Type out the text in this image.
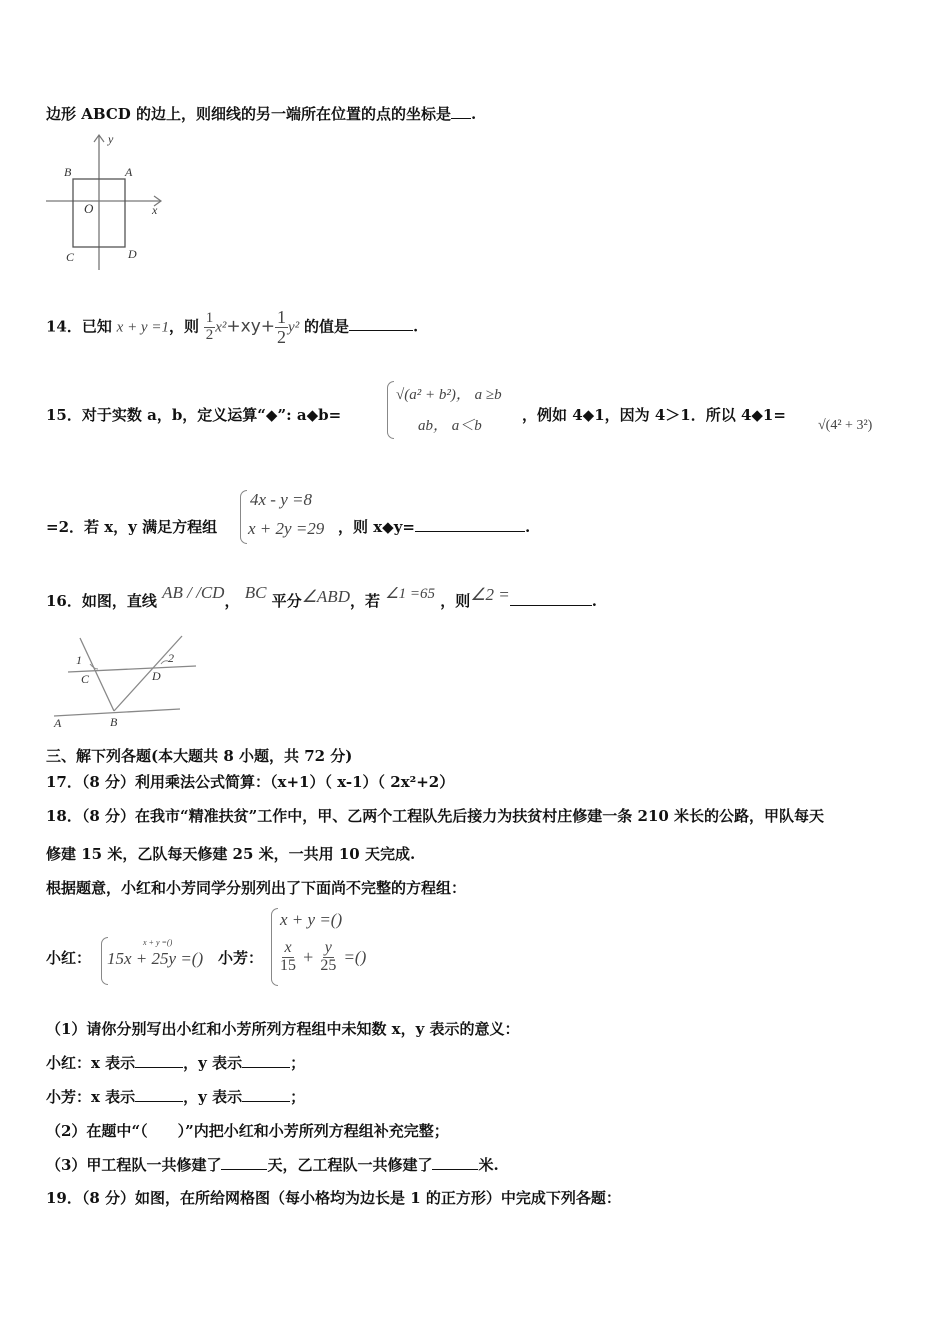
边形 ABCD 的边上，则细线的另一端所在位置的点的坐标是 .
y
x
O
A
B
C	D
14．已知 x + y =1，则 $\frac{1}{2} x^2+xy+ \frac{1}{2} y^2$ 的值是	.
15．对于实数 a，b，定义运算“◆”: a◆b=
√(a² + b²)， a ≥b
ab， a＜b
，例如 4◆1，因为 4＞1．所以 4◆1=
√(4² + 3²)
=2．若 x，y 满足方程组
4x - y =8
x + 2y =29 ，则 x◆y=	.
16．如图，直线 AB / /CD， BC 平分∠ABD，若 ∠1 =65 ，则∠2 =	.
1	2
C	D
A	B
三、解下列各题(本大题共 8 小题，共 72 分)
17．（8 分）利用乘法公式简算：（x+1）（ x-1）（ 2x²+2）
18．（8 分）在我市“精准扶贫”工作中，甲、乙两个工程队先后接力为扶贫村庄修建一条 210 米长的公路，甲队每天
修建 15 米，乙队每天修建 25 米，一共用 10 天完成.
根据题意，小红和小芳同学分别列出了下面尚不完整的方程组：
小红：
x + y =()
15x + 25y =() 小芳：
x + y =()
$\frac{x}{15} + \frac{y}{25}$ =()
（1）请你分别写出小红和小芳所列方程组中未知数 x，y 表示的意义：
小红：x 表示	，y 表示	；
小芳：x 表示	，y 表示	；
（2）在题中“（　　）”内把小红和小芳所列方程组补充完整；
（3）甲工程队一共修建了	天，乙工程队一共修建了	米.
19．（8 分）如图，在所给网格图（每小格均为边长是 1 的正方形）中完成下列各题：
